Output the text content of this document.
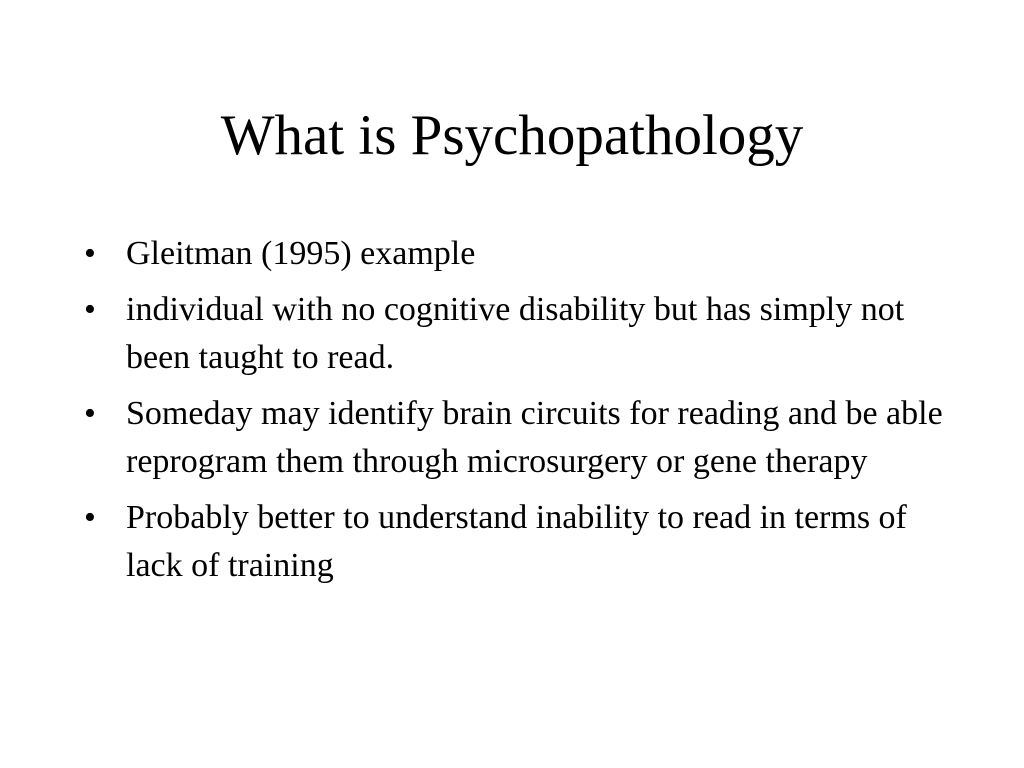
What is Psychopathology
• Gleitman (1995) example
• individual with no cognitive disability but has simply not been taught to read.
• Someday may identify brain circuits for reading and be able reprogram them through microsurgery or gene therapy
• Probably better to understand inability to read in terms of lack of training
